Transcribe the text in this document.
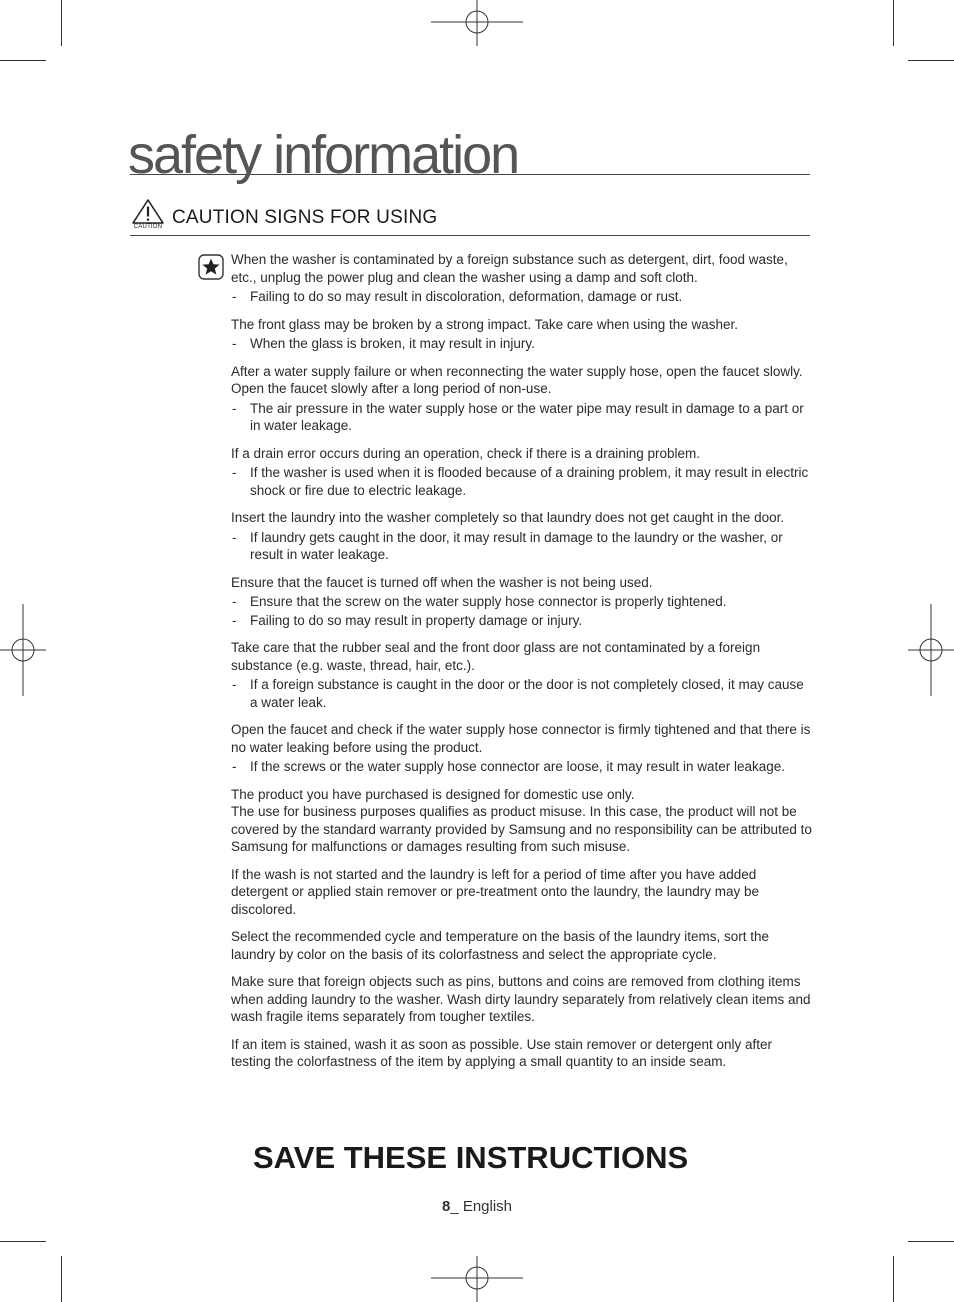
safety information
CAUTION CAUTION SIGNS FOR USING

When the washer is contaminated by a foreign substance such as detergent, dirt, food waste, etc., unplug the power plug and clean the washer using a damp and soft cloth.

- Failing to do so may result in discoloration, deformation, damage or rust.

The front glass may be broken by a strong impact. Take care when using the washer.

- When the glass is broken, it may result in injury.

After a water supply failure or when reconnecting the water supply hose, open the faucet slowly.

Open the faucet slowly after a long period of non-use.

- The air pressure in the water supply hose or the water pipe may result in damage to a part or in water leakage.

If a drain error occurs during an operation, check if there is a draining problem.

- If the washer is used when it is flooded because of a draining problem, it may result in electric shock or fire due to electric leakage.

Insert the laundry into the washer completely so that laundry does not get caught in the door.

- If laundry gets caught in the door, it may result in damage to the laundry or the washer, or result in water leakage.

Ensure that the faucet is turned off when the washer is not being used.

- Ensure that the screw on the water supply hose connector is properly tightened.
- Failing to do so may result in property damage or injury.

Take care that the rubber seal and the front door glass are not contaminated by a foreign substance (e.g. waste, thread, hair, etc.).

- If a foreign substance is caught in the door or the door is not completely closed, it may cause a water leak.

Open the faucet and check if the water supply hose connector is firmly tightened and that there is no water leaking before using the product.

- If the screws or the water supply hose connector are loose, it may result in water leakage.

The product you have purchased is designed for domestic use only.

The use for business purposes qualifies as product misuse. In this case, the product will not be covered by the standard warranty provided by Samsung and no responsibility can be attributed to Samsung for malfunctions or damages resulting from such misuse.

If the wash is not started and the laundry is left for a period of time after you have added detergent or applied stain remover or pre-treatment onto the laundry, the laundry may be discolored.

Select the recommended cycle and temperature on the basis of the laundry items, sort the laundry by color on the basis of its colorfastness and select the appropriate cycle.

Make sure that foreign objects such as pins, buttons and coins are removed from clothing items when adding laundry to the washer. Wash dirty laundry separately from relatively clean items and wash fragile items separately from tougher textiles.

If an item is stained, wash it as soon as possible. Use stain remover or detergent only after testing the colorfastness of the item by applying a small quantity to an inside seam.

SAVE THESE INSTRUCTIONS
8_ English
